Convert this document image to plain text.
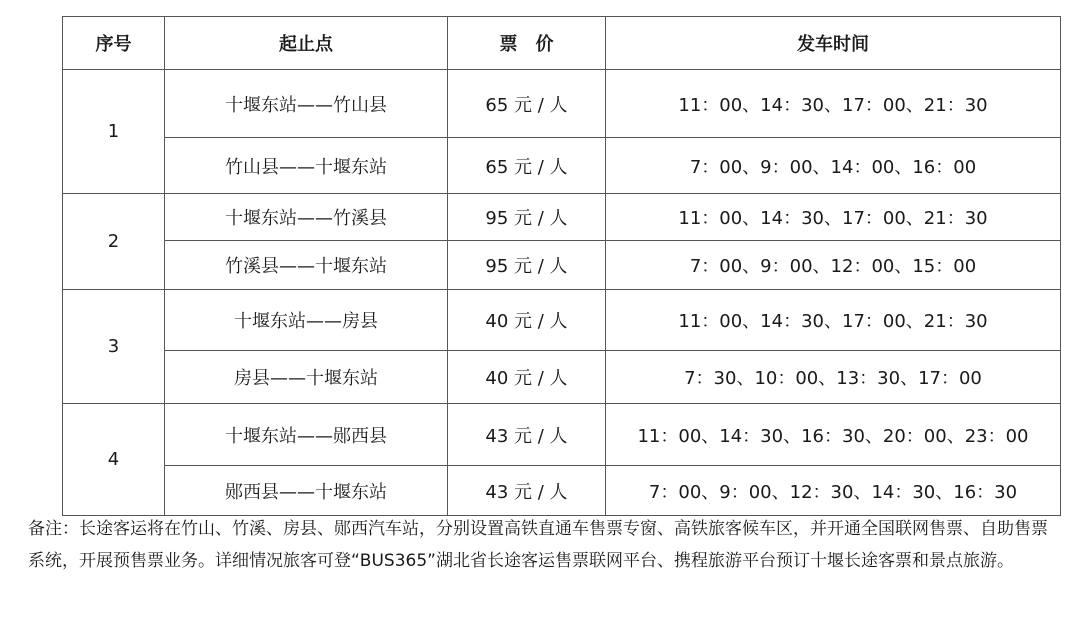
序号	起止点	票　价	发车时间
1	十堰东站——竹山县	65 元 / 人	11：00、14：30、17：00、21：30
	竹山县——十堰东站	65 元 / 人	7：00、9：00、14：00、16：00
2	十堰东站——竹溪县	95 元 / 人	11：00、14：30、17：00、21：30
	竹溪县——十堰东站	95 元 / 人	7：00、9：00、12：00、15：00
3	十堰东站——房县	40 元 / 人	11：00、14：30、17：00、21：30
	房县——十堰东站	40 元 / 人	7：30、10：00、13：30、17：00
4	十堰东站——郧西县	43 元 / 人	11：00、14：30、16：30、20：00、23：00
	郧西县——十堰东站	43 元 / 人	7：00、9：00、12：30、14：30、16：30
备注：长途客运将在竹山、竹溪、房县、郧西汽车站，分别设置高铁直通车售票专窗、高铁旅客候车区，并开通全国联网售票、自助售票系统，开展预售票业务。详细情况旅客可登“BUS365”湖北省长途客运售票联网平台、携程旅游平台预订十堰长途客票和景点旅游。
